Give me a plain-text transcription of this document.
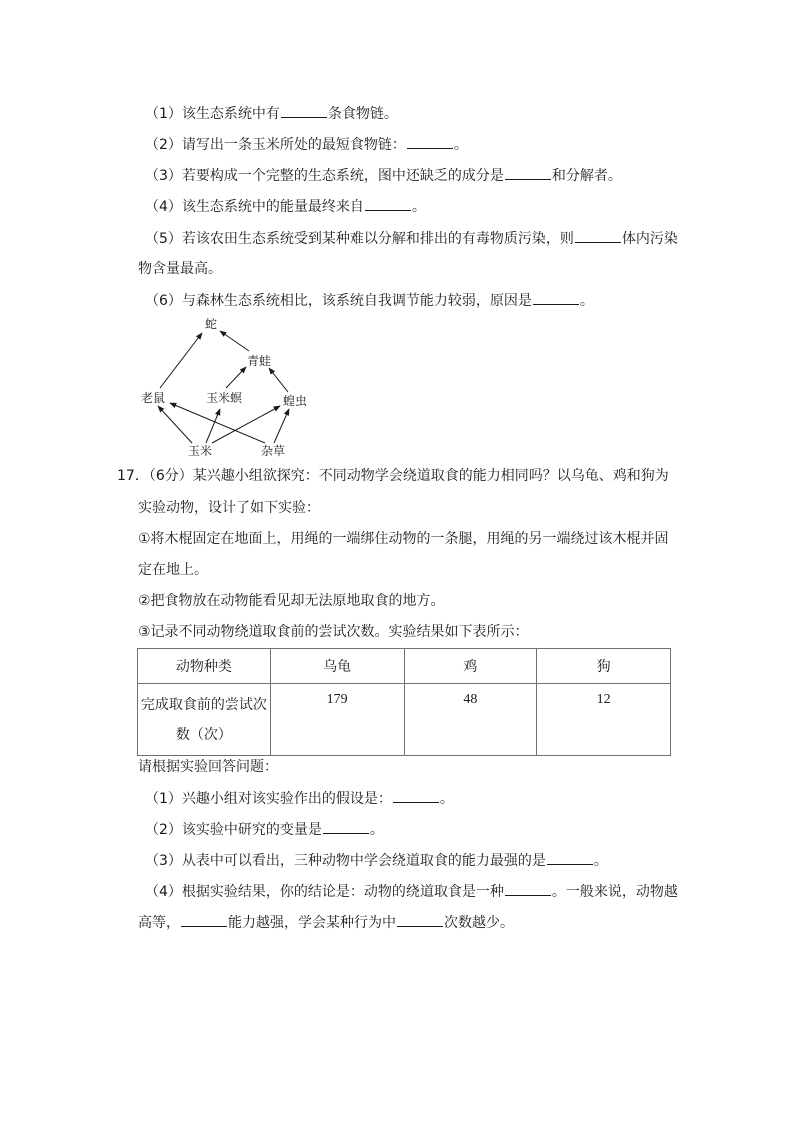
（1）该生态系统中有	条食物链。
（2）请写出一条玉米所处的最短食物链：	。
（3）若要构成一个完整的生态系统，图中还缺乏的成分是	和分解者。
（4）该生态系统中的能量最终来自	。
（5）若该农田生态系统受到某种难以分解和排出的有毒物质污染，则	体内污染
物含量最高。
（6）与森林生态系统相比，该系统自我调节能力较弱，原因是	。
蛇
青蛙
老鼠	玉米螟	蝗虫
玉米	杂草
17．（6分）某兴趣小组欲探究：不同动物学会绕道取食的能力相同吗？以乌龟、鸡和狗为
实验动物，设计了如下实验：
①将木棍固定在地面上，用绳的一端绑住动物的一条腿，用绳的另一端绕过该木棍并固
定在地上。
②把食物放在动物能看见却无法原地取食的地方。
③记录不同动物绕道取食前的尝试次数。实验结果如下表所示：
动物种类	乌龟	鸡	狗
完成取食前的尝试次
数（次）	179	48	12
请根据实验回答问题：
（1）兴趣小组对该实验作出的假设是：	。
（2）该实验中研究的变量是	。
（3）从表中可以看出，三种动物中学会绕道取食的能力最强的是	。
（4）根据实验结果，你的结论是：动物的绕道取食是一种	。一般来说，动物越
高等，	能力越强，学会某种行为中	次数越少。
